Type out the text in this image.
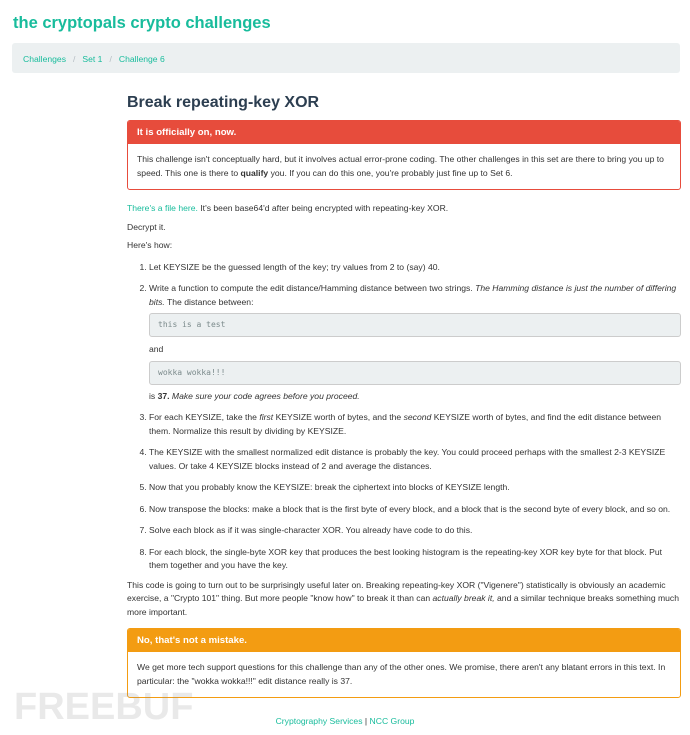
the cryptopals crypto challenges
Challenges / Set 1 / Challenge 6
Break repeating-key XOR
It is officially on, now.
This challenge isn't conceptually hard, but it involves actual error-prone coding. The other challenges in this set are there to bring you up to speed. This one is there to qualify you. If you can do this one, you're probably just fine up to Set 6.

There's a file here. It's been base64'd after being encrypted with repeating-key XOR.

Decrypt it.

Here's how:

1. Let KEYSIZE be the guessed length of the key; try values from 2 to (say) 40.
2. Write a function to compute the edit distance/Hamming distance between two strings. The Hamming distance is just the number of differing bits. The distance between:
this is a test
and
wokka wokka!!!
is 37. Make sure your code agrees before you proceed.
3. For each KEYSIZE, take the first KEYSIZE worth of bytes, and the second KEYSIZE worth of bytes, and find the edit distance between them. Normalize this result by dividing by KEYSIZE.
4. The KEYSIZE with the smallest normalized edit distance is probably the key. You could proceed perhaps with the smallest 2-3 KEYSIZE values. Or take 4 KEYSIZE blocks instead of 2 and average the distances.
5. Now that you probably know the KEYSIZE: break the ciphertext into blocks of KEYSIZE length.
6. Now transpose the blocks: make a block that is the first byte of every block, and a block that is the second byte of every block, and so on.
7. Solve each block as if it was single-character XOR. You already have code to do this.
8. For each block, the single-byte XOR key that produces the best looking histogram is the repeating-key XOR key byte for that block. Put them together and you have the key.

This code is going to turn out to be surprisingly useful later on. Breaking repeating-key XOR ("Vigenere") statistically is obviously an academic exercise, a "Crypto 101" thing. But more people "know how" to break it than can actually break it, and a similar technique breaks something much more important.

No, that's not a mistake.
We get more tech support questions for this challenge than any of the other ones. We promise, there aren't any blatant errors in this text. In particular: the "wokka wokka!!!" edit distance really is 37.
Cryptography Services | NCC Group
FREEBUF
